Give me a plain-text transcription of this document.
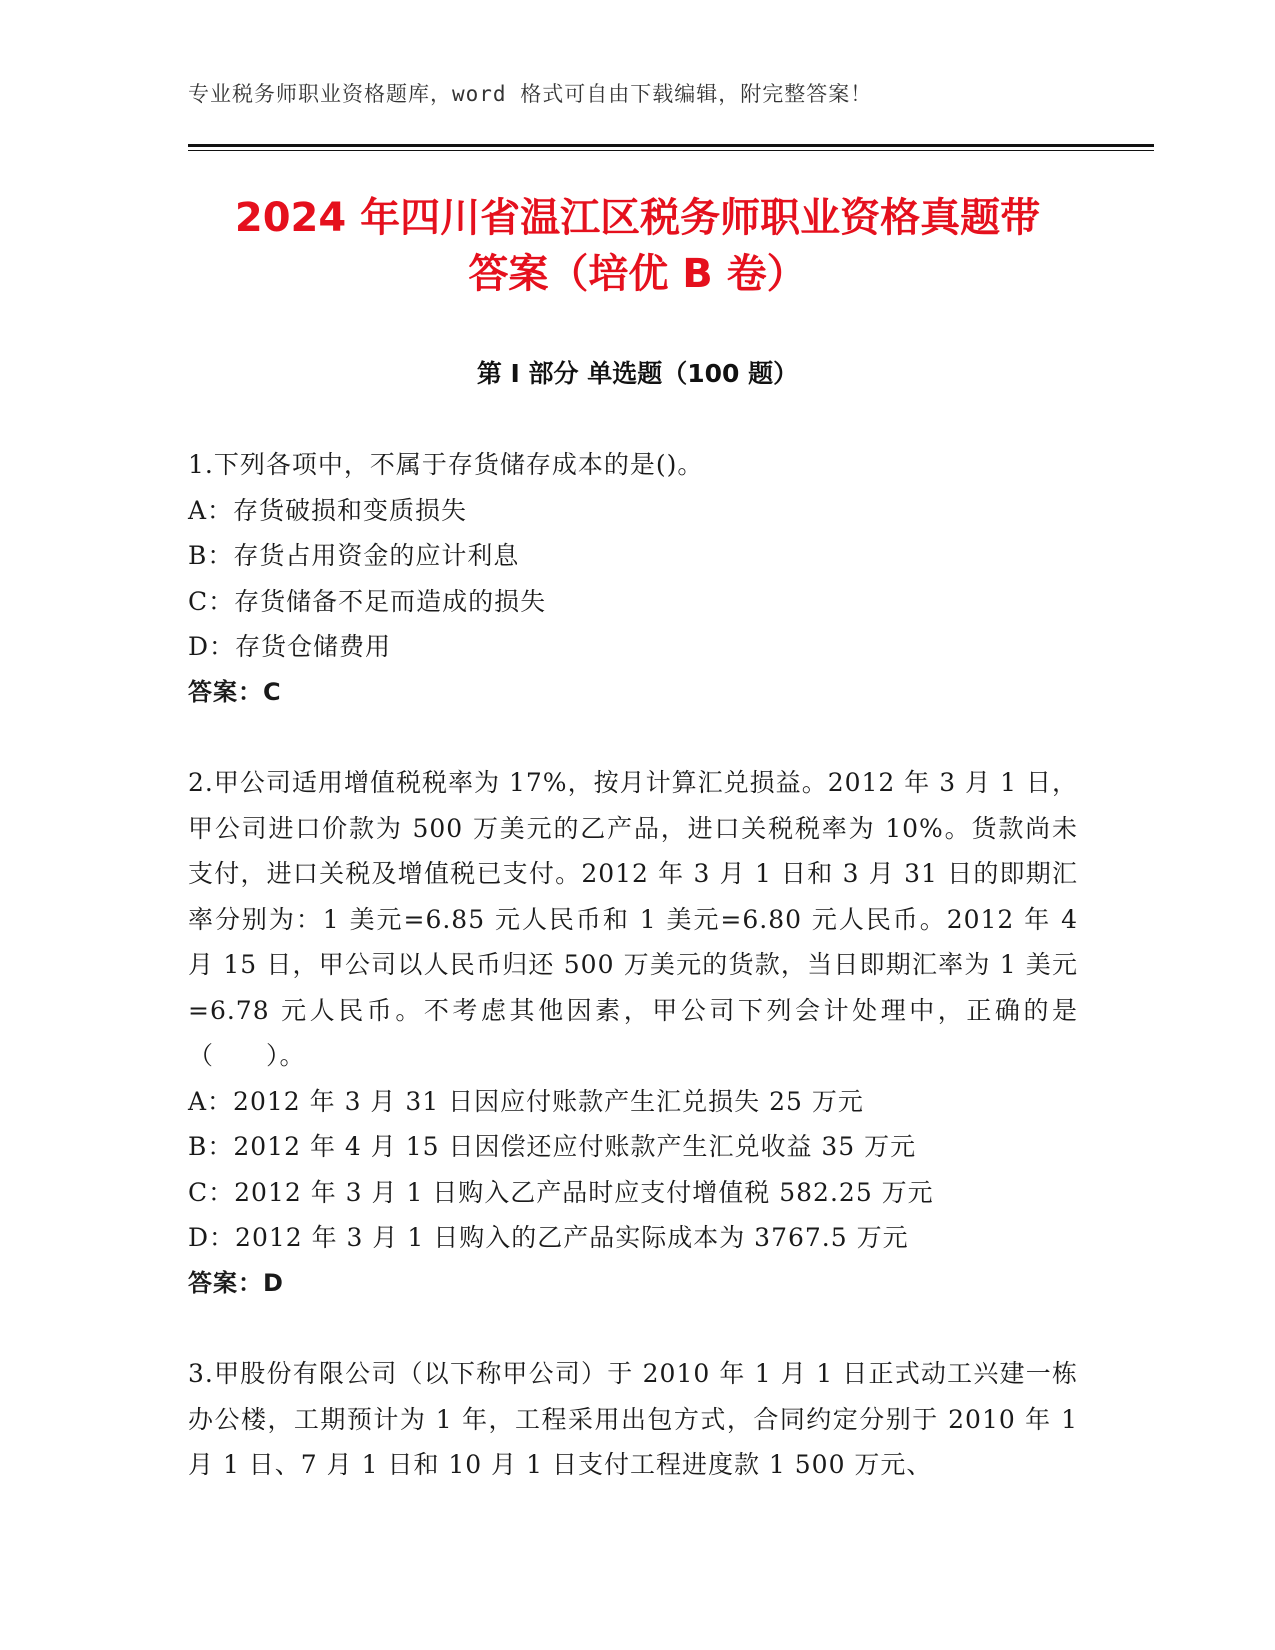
专业税务师职业资格题库，word 格式可自由下载编辑，附完整答案！
2024 年四川省温江区税务师职业资格真题带
答案（培优 B 卷）
第 I 部分 单选题（100 题）

1.下列各项中，不属于存货储存成本的是()。

A：存货破损和变质损失

B：存货占用资金的应计利息

C：存货储备不足而造成的损失

D：存货仓储费用

答案：C

2.甲公司适用增值税税率为 17%，按月计算汇兑损益。2012 年 3 月 1 日，甲公司进口价款为 500 万美元的乙产品，进口关税税率为 10%。货款尚未支付，进口关税及增值税已支付。2012 年 3 月 1 日和 3 月 31 日的即期汇率分别为：1 美元=6.85 元人民币和 1 美元=6.80 元人民币。2012 年 4 月 15 日，甲公司以人民币归还 500 万美元的货款，当日即期汇率为 1 美元=6.78 元人民币。不考虑其他因素，甲公司下列会计处理中，正确的是（　　）。

A：2012 年 3 月 31 日因应付账款产生汇兑损失 25 万元

B：2012 年 4 月 15 日因偿还应付账款产生汇兑收益 35 万元

C：2012 年 3 月 1 日购入乙产品时应支付增值税 582.25 万元

D：2012 年 3 月 1 日购入的乙产品实际成本为 3767.5 万元

答案：D

3.甲股份有限公司（以下称甲公司）于 2010 年 1 月 1 日正式动工兴建一栋办公楼，工期预计为 1 年，工程采用出包方式，合同约定分别于 2010 年 1 月 1 日、7 月 1 日和 10 月 1 日支付工程进度款 1 500 万元、
